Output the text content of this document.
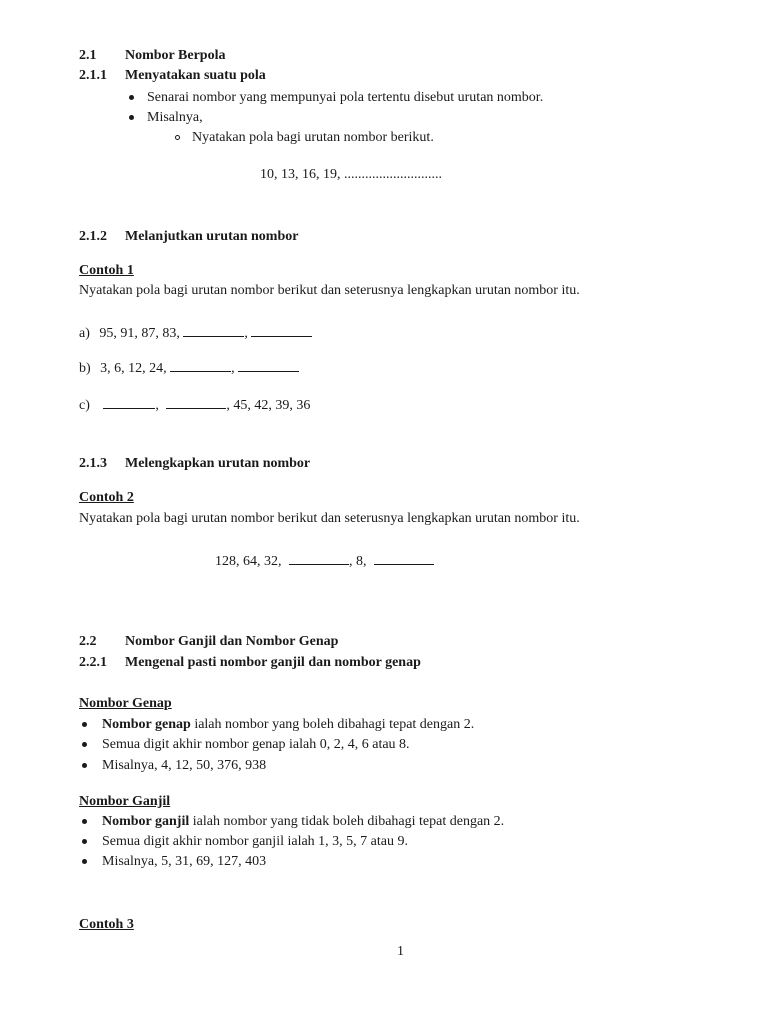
2.1 Nombor Berpola
2.1.1 Menyatakan suatu pola
Senarai nombor yang mempunyai pola tertentu disebut urutan nombor.
Misalnya,
Nyatakan pola bagi urutan nombor berikut.
10, 13, 16, 19, ............................
2.1.2 Melanjutkan urutan nombor
Contoh 1
Nyatakan pola bagi urutan nombor berikut dan seterusnya lengkapkan urutan nombor itu.
a) 95, 91, 87, 83,	,
b) 3, 6, 12, 24,	,
c)	,	, 45, 42, 39, 36
2.1.3 Melengkapkan urutan nombor
Contoh 2
Nyatakan pola bagi urutan nombor berikut dan seterusnya lengkapkan urutan nombor itu.
128, 64, 32,	, 8,
2.2 Nombor Ganjil dan Nombor Genap
2.2.1 Mengenal pasti nombor ganjil dan nombor genap
Nombor Genap
Nombor genap ialah nombor yang boleh dibahagi tepat dengan 2.
Semua digit akhir nombor genap ialah 0, 2, 4, 6 atau 8.
Misalnya, 4, 12, 50, 376, 938
Nombor Ganjil
Nombor ganjil ialah nombor yang tidak boleh dibahagi tepat dengan 2.
Semua digit akhir nombor ganjil ialah 1, 3, 5, 7 atau 9.
Misalnya, 5, 31, 69, 127, 403
Contoh 3
1
